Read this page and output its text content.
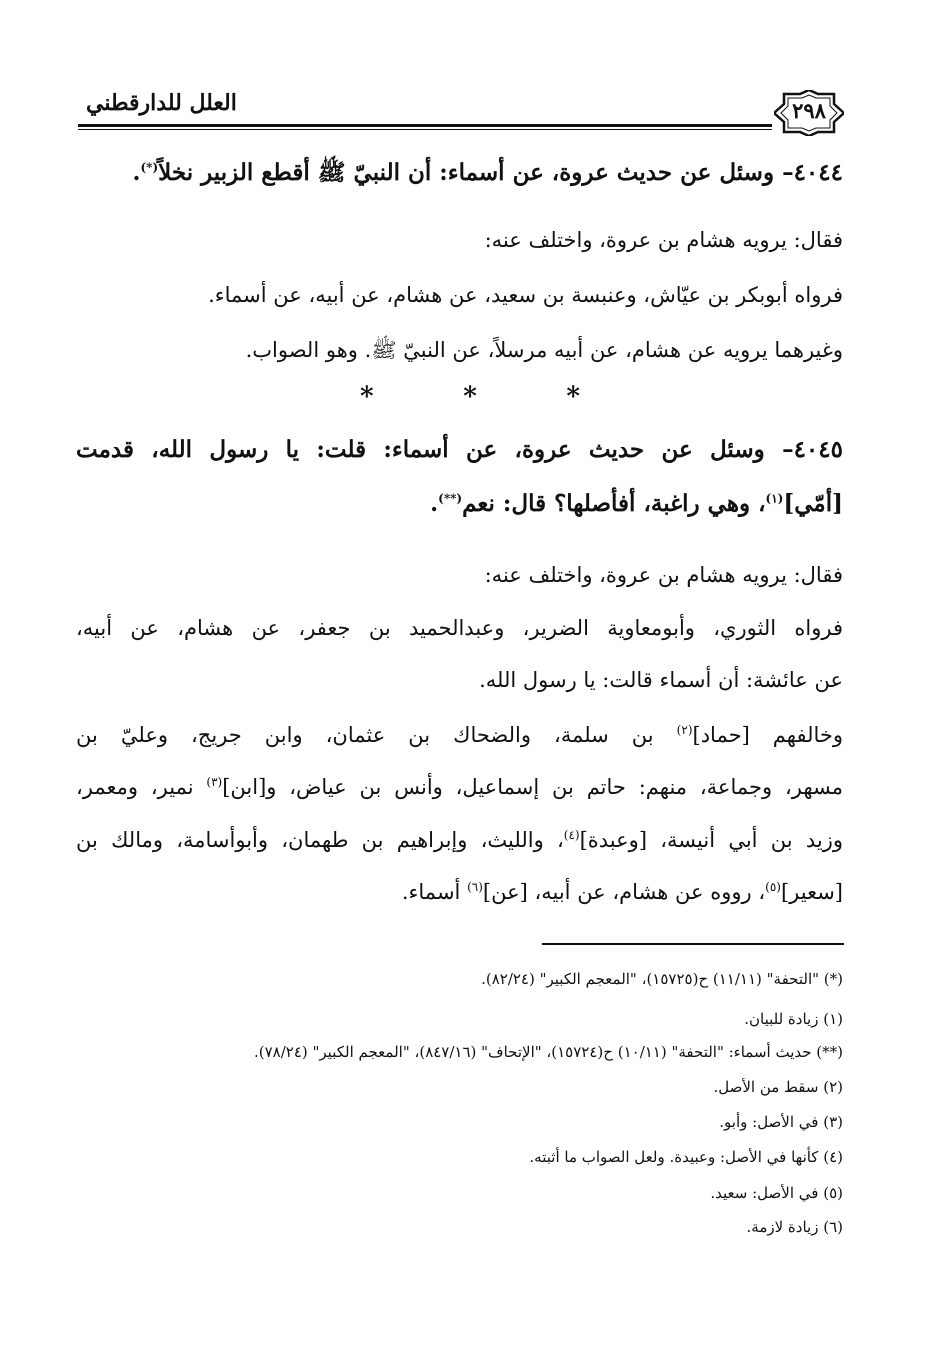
العلل للدارقطني	٢٩٨
٤٠٤٤– وسئل عن حديث عروة، عن أسماء: أن النبيّ ﷺ أقطع الزبير نخلاً(*).
فقال: يرويه هشام بن عروة، واختلف عنه:
فرواه أبوبكر بن عيّاش، وعنبسة بن سعيد، عن هشام، عن أبيه، عن أسماء.
وغيرهما يرويه عن هشام، عن أبيه مرسلاً، عن النبيّ ﷺ. وهو الصواب.
*	*	*
٤٠٤٥– وسئل عن حديث عروة، عن أسماء: قلت: يا رسول الله، قدمت
[أمّي]$^{(١)}$، وهي راغبة، أفأصلها؟ قال: نعم(**).
فقال: يرويه هشام بن عروة، واختلف عنه:
فرواه الثوري، وأبومعاوية الضرير، وعبدالحميد بن جعفر، عن هشام، عن أبيه،
عن عائشة: أن أسماء قالت: يا رسول الله.
وخالفهم [حماد]$^{(٢)}$ بن سلمة، والضحاك بن عثمان، وابن جريج، وعليّ بن
مسهر، وجماعة، منهم: حاتم بن إسماعيل، وأنس بن عياض، و[ابن]$^{(٣)}$ نمير، ومعمر،
وزيد بن أبي أنيسة، [وعبدة]$^{(٤)}$، والليث، وإبراهيم بن طهمان، وأبوأسامة، ومالك بن
[سعير]$^{(٥)}$، رووه عن هشام، عن أبيه، [عن]$^{(٦)}$ أسماء.
(*) "التحفة" (١١/١١) ح(١٥٧٢٥)، "المعجم الكبير" (٨٢/٢٤).
(١) زيادة للبيان.
(**) حديث أسماء: "التحفة" (١٠/١١) ح(١٥٧٢٤)، "الإتحاف" (٨٤٧/١٦)، "المعجم الكبير" (٧٨/٢٤).
(٢) سقط من الأصل.
(٣) في الأصل: وأبو.
(٤) كأنها في الأصل: وعبيدة. ولعل الصواب ما أثبته.
(٥) في الأصل: سعيد.
(٦) زيادة لازمة.
